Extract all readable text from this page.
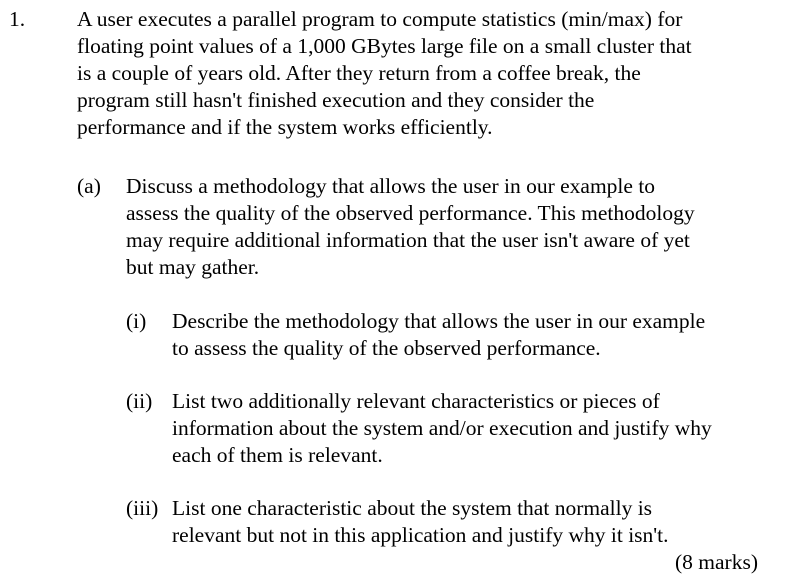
1. A user executes a parallel program to compute statistics (min/max) for
floating point values of a 1,000 GBytes large file on a small cluster that
is a couple of years old. After they return from a coffee break, the
program still hasn't finished execution and they consider the
performance and if the system works efficiently.
(a) Discuss a methodology that allows the user in our example to
assess the quality of the observed performance. This methodology
may require additional information that the user isn't aware of yet
but may gather.
(i) Describe the methodology that allows the user in our example
to assess the quality of the observed performance.
(ii) List two additionally relevant characteristics or pieces of
information about the system and/or execution and justify why
each of them is relevant.
(iii) List one characteristic about the system that normally is
relevant but not in this application and justify why it isn't.
(8 marks)
